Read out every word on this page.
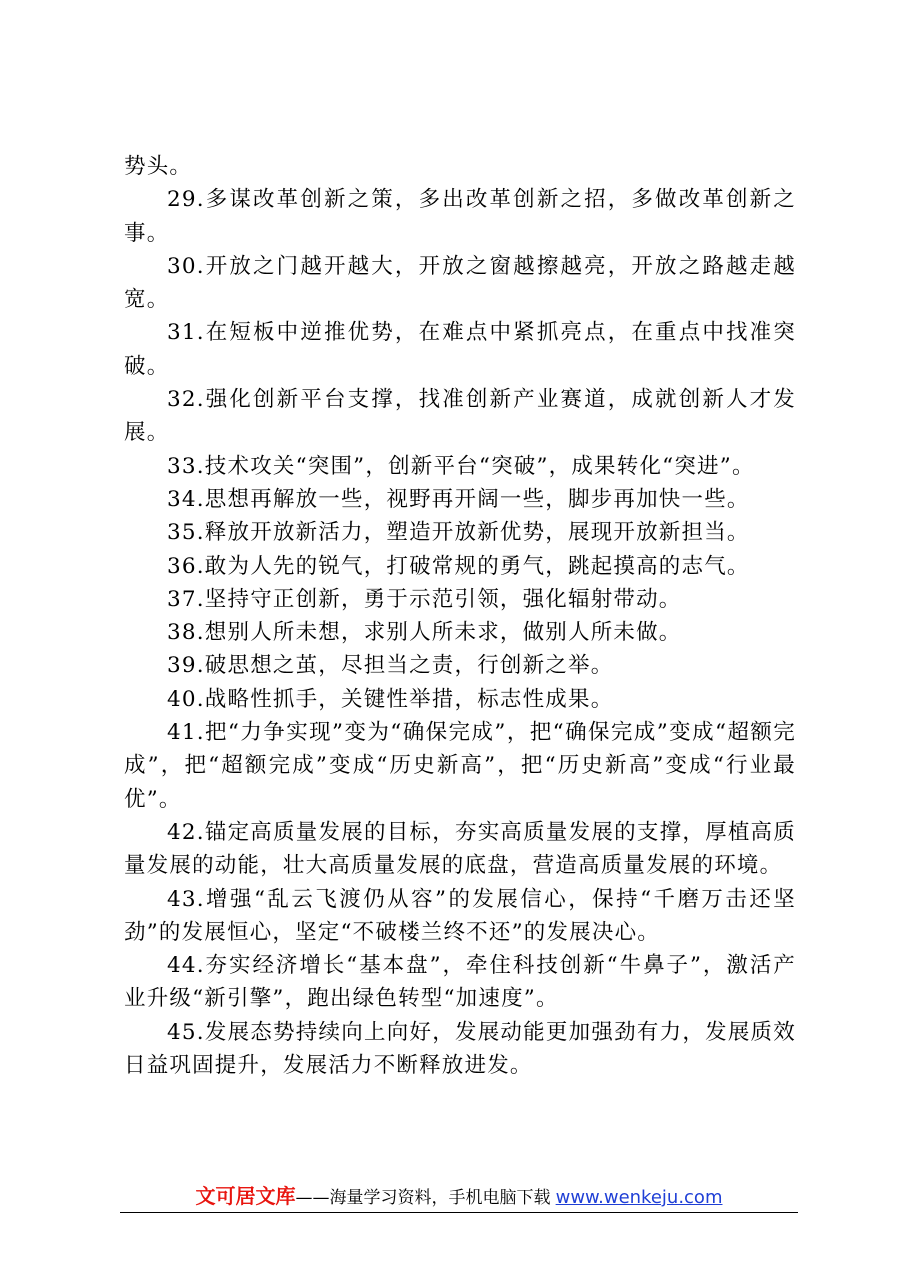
势头。

29.多谋改革创新之策，多出改革创新之招，多做改革创新之事。

30.开放之门越开越大，开放之窗越擦越亮，开放之路越走越宽。

31.在短板中逆推优势，在难点中紧抓亮点，在重点中找准突破。

32.强化创新平台支撑，找准创新产业赛道，成就创新人才发展。

33.技术攻关“突围”，创新平台“突破”，成果转化“突进”。

34.思想再解放一些，视野再开阔一些，脚步再加快一些。

35.释放开放新活力，塑造开放新优势，展现开放新担当。

36.敢为人先的锐气，打破常规的勇气，跳起摸高的志气。

37.坚持守正创新，勇于示范引领，强化辐射带动。

38.想别人所未想，求别人所未求，做别人所未做。

39.破思想之茧，尽担当之责，行创新之举。

40.战略性抓手，关键性举措，标志性成果。

41.把“力争实现”变为“确保完成”，把“确保完成”变成“超额完成”，把“超额完成”变成“历史新高”，把“历史新高”变成“行业最优”。

42.锚定高质量发展的目标，夯实高质量发展的支撑，厚植高质量发展的动能，壮大高质量发展的底盘，营造高质量发展的环境。

43.增强“乱云飞渡仍从容”的发展信心，保持“千磨万击还坚劲”的发展恒心，坚定“不破楼兰终不还”的发展决心。

44.夯实经济增长“基本盘”，牵住科技创新“牛鼻子”，激活产业升级“新引擎”，跑出绿色转型“加速度”。

45.发展态势持续向上向好，发展动能更加强劲有力，发展质效日益巩固提升，发展活力不断释放进发。

文可居文库——海量学习资料，手机电脑下载 www.wenkeju.com
